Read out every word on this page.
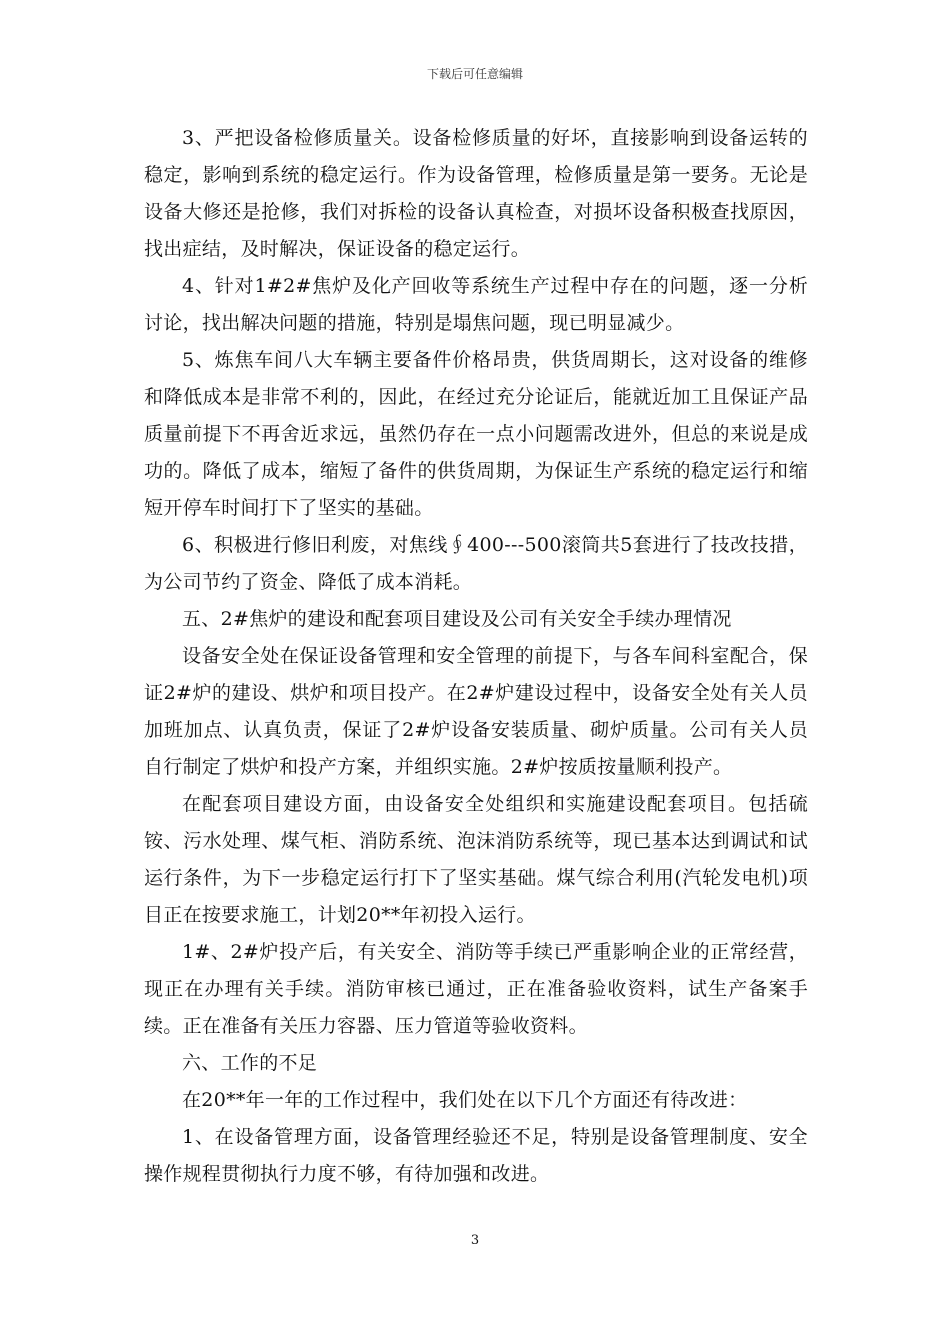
下载后可任意编辑

3、严把设备检修质量关。设备检修质量的好坏，直接影响到设备运转的稳定，影响到系统的稳定运行。作为设备管理，检修质量是第一要务。无论是设备大修还是抢修，我们对拆检的设备认真检查，对损坏设备积极查找原因，找出症结，及时解决，保证设备的稳定运行。

4、针对1#2#焦炉及化产回收等系统生产过程中存在的问题，逐一分析讨论，找出解决问题的措施，特别是塌焦问题，现已明显减少。

5、炼焦车间八大车辆主要备件价格昂贵，供货周期长，这对设备的维修和降低成本是非常不利的，因此，在经过充分论证后，能就近加工且保证产品质量前提下不再舍近求远，虽然仍存在一点小问题需改进外，但总的来说是成功的。降低了成本，缩短了备件的供货周期，为保证生产系统的稳定运行和缩短开停车时间打下了坚实的基础。

6、积极进行修旧利废，对焦线∮400---500滚筒共5套进行了技改技措，为公司节约了资金、降低了成本消耗。

五、2#焦炉的建设和配套项目建设及公司有关安全手续办理情况

设备安全处在保证设备管理和安全管理的前提下，与各车间科室配合，保证2#炉的建设、烘炉和项目投产。在2#炉建设过程中，设备安全处有关人员加班加点、认真负责，保证了2#炉设备安装质量、砌炉质量。公司有关人员自行制定了烘炉和投产方案，并组织实施。2#炉按质按量顺利投产。

在配套项目建设方面，由设备安全处组织和实施建设配套项目。包括硫铵、污水处理、煤气柜、消防系统、泡沫消防系统等，现已基本达到调试和试运行条件，为下一步稳定运行打下了坚实基础。煤气综合利用(汽轮发电机)项目正在按要求施工，计划20**年初投入运行。

1#、2#炉投产后，有关安全、消防等手续已严重影响企业的正常经营，现正在办理有关手续。消防审核已通过，正在准备验收资料，试生产备案手续。正在准备有关压力容器、压力管道等验收资料。

六、工作的不足

在20**年一年的工作过程中，我们处在以下几个方面还有待改进：

1、在设备管理方面，设备管理经验还不足，特别是设备管理制度、安全操作规程贯彻执行力度不够，有待加强和改进。

3
